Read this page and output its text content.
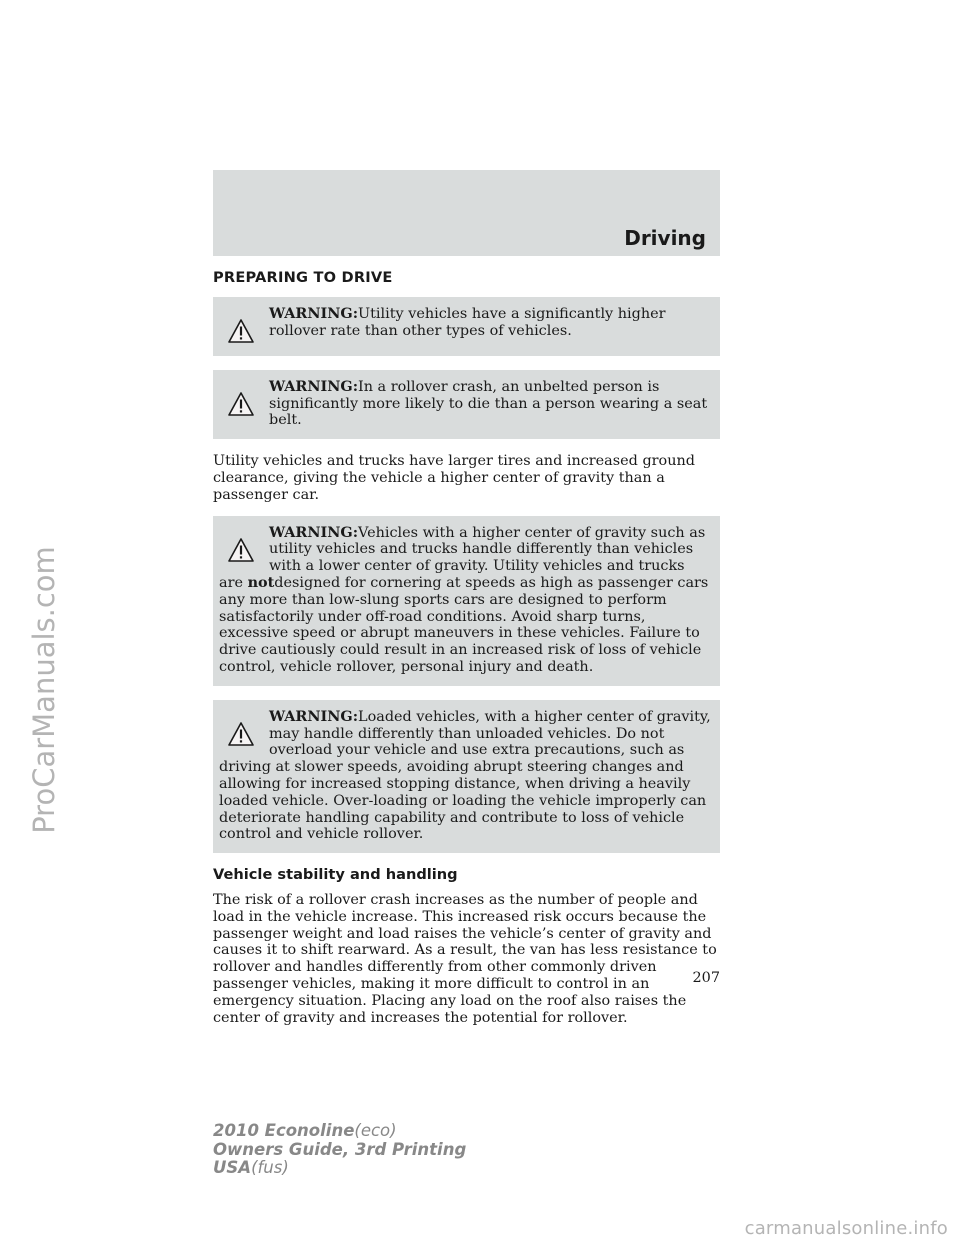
ProCarManuals.com
Driving
PREPARING TO DRIVE
WARNING:Utility vehicles have a significantly higher rollover rate than other types of vehicles.
WARNING:In a rollover crash, an unbelted person is significantly more likely to die than a person wearing a seat belt.
Utility vehicles and trucks have larger tires and increased ground clearance, giving the vehicle a higher center of gravity than a passenger car.
WARNING:Vehicles with a higher center of gravity such as utility vehicles and trucks handle differently than vehicles with a lower center of gravity. Utility vehicles and trucks are notdesigned for cornering at speeds as high as passenger cars any more than low-slung sports cars are designed to perform satisfactorily under off-road conditions. Avoid sharp turns, excessive speed or abrupt maneuvers in these vehicles. Failure to drive cautiously could result in an increased risk of loss of vehicle control, vehicle rollover, personal injury and death.
WARNING:Loaded vehicles, with a higher center of gravity, may handle differently than unloaded vehicles. Do not overload your vehicle and use extra precautions, such as driving at slower speeds, avoiding abrupt steering changes and allowing for increased stopping distance, when driving a heavily loaded vehicle. Over-loading or loading the vehicle improperly can deteriorate handling capability and contribute to loss of vehicle control and vehicle rollover.
Vehicle stability and handling
The risk of a rollover crash increases as the number of people and load in the vehicle increase. This increased risk occurs because the passenger weight and load raises the vehicle’s center of gravity and causes it to shift rearward. As a result, the van has less resistance to rollover and handles differently from other commonly driven passenger vehicles, making it more difficult to control in an emergency situation. Placing any load on the roof also raises the center of gravity and increases the potential for rollover.
207
2010 Econoline(eco)
Owners Guide, 3rd Printing
USA(fus)
carmanualsonline.info
